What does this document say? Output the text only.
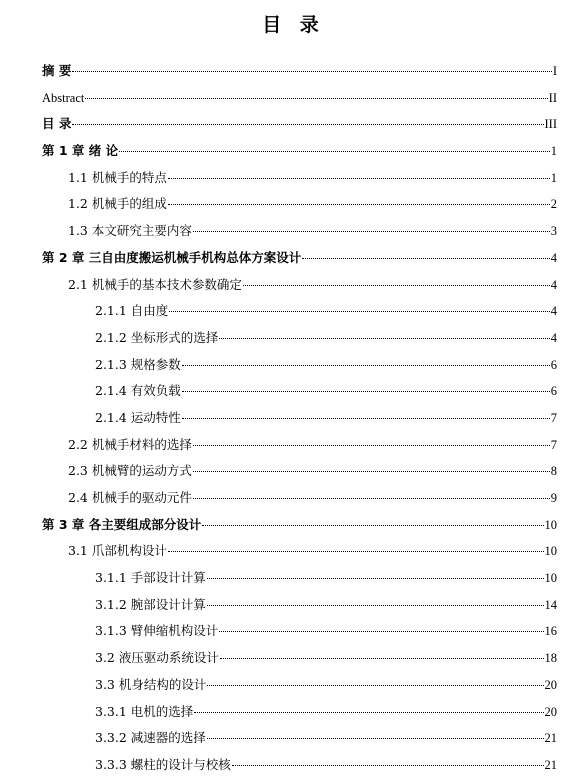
目 录
摘 要	I
Abstract	II
目 录	III
第 1 章 绪 论	1
1.1 机械手的特点	1
1.2 机械手的组成	2
1.3 本文研究主要内容	3
第 2 章 三自由度搬运机械手机构总体方案设计	4
2.1 机械手的基本技术参数确定	4
2.1.1 自由度	4
2.1.2 坐标形式的选择	4
2.1.3 规格参数	6
2.1.4 有效负载	6
2.1.4 运动特性	7
2.2 机械手材料的选择	7
2.3 机械臂的运动方式	8
2.4 机械手的驱动元件	9
第 3 章 各主要组成部分设计	10
3.1 爪部机构设计	10
3.1.1 手部设计计算	10
3.1.2 腕部设计计算	14
3.1.3 臂伸缩机构设计	16
3.2 液压驱动系统设计	18
3.3 机身结构的设计	20
3.3.1 电机的选择	20
3.3.2 减速器的选择	21
3.3.3 螺柱的设计与校核	21
